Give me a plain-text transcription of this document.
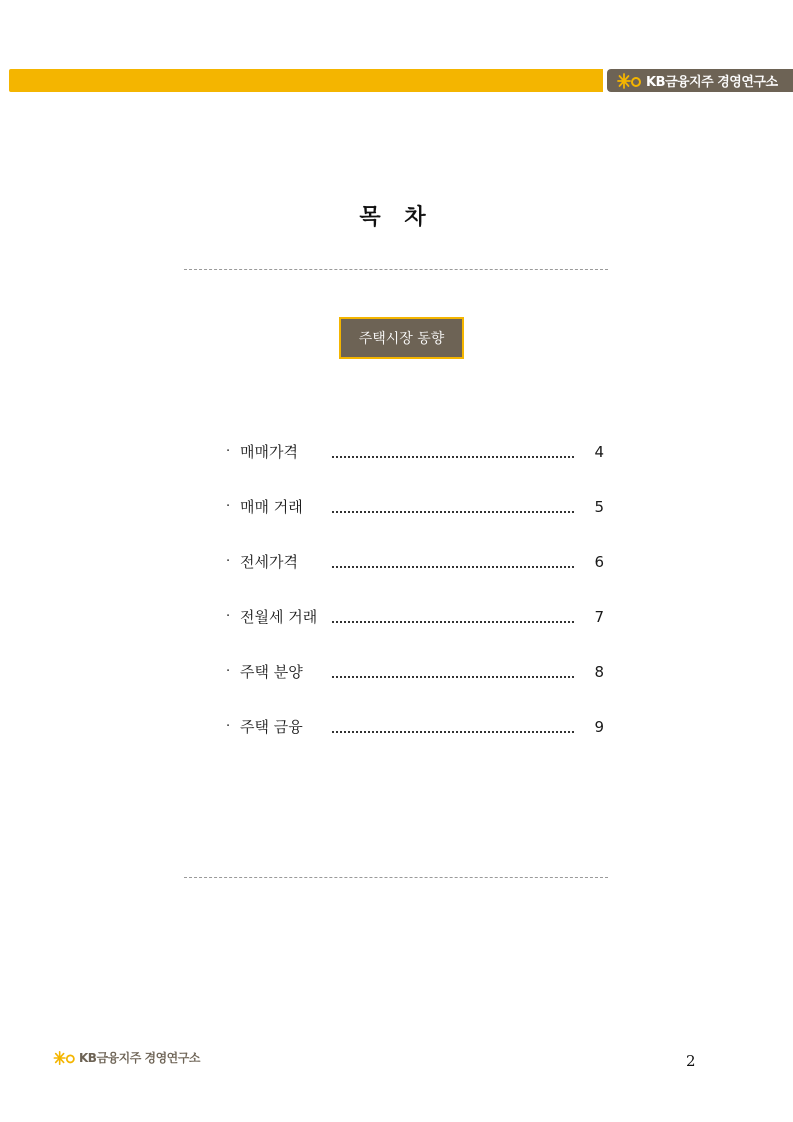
KB금융지주 경영연구소
목 차
주택시장 동향
· 매매가격	4
· 매매 거래	5
· 전세가격	6
· 전월세 거래	7
· 주택 분양	8
· 주택 금융	9
KB금융지주 경영연구소	2
